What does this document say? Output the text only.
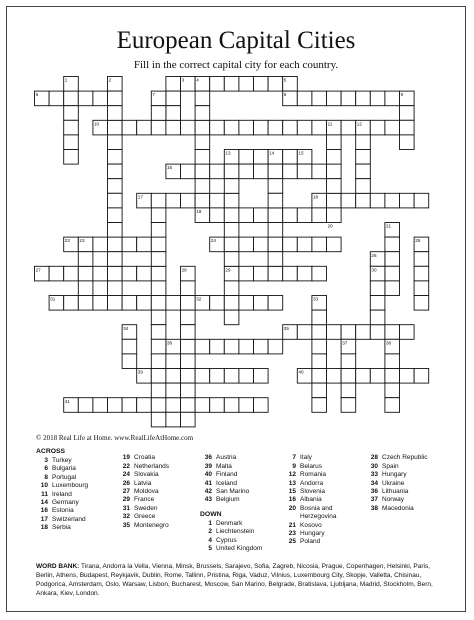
European Capital Cities
Fill in the correct capital city for each country.
1	2	3	4	5
6	7	8	9
10	11	12
13	14	15
16
17	18
19
20	21
22 23	24	25
26
27	28	29	30
31	32	33
34	35
36	37	38
39	40
41
© 2018 Real Life at Home. www.RealLifeAtHome.com
ACROSS
3 Turkey
6 Bulgaria
8 Portugal
10 Luxembourg
11 Ireland
14 Germany
16 Estonia
17 Switzerland
18 Serbia
19 Croatia
22 Netherlands
24 Slovakia
26 Latvia
27 Moldova
29 France
31 Sweden
32 Greece
35 Montenegro
36 Austria
39 Malta
40 Finland
41 Iceland
42 San Marino
43 Belgium
DOWN
1 Denmark
2 Liechtenstein
4 Cyprus
5 United Kingdom
7 Italy
9 Belarus
12 Romania
13 Andorra
15 Slovenia
16 Albania
20 Bosnia and
Herzegovina
21 Kosovo
23 Hungary
25 Poland
28 Czech Republic
30 Spain
33 Hungary
34 Ukraine
36 Lithuania
37 Norway
38 Macedonia
WORD BANK: Tirana, Andorra la Vella, Vienna, Minsk, Brussels, Sarajevo, Sofia, Zagreb, Nicosia, Prague, Copenhagen, Helsinki, Paris, Berlin, Athens, Budapest, Reykjavik, Dublin, Rome, Tallinn, Pristina, Riga, Vaduz, Vilnius, Luxembourg City, Skopje, Valletta, Chisinau, Podgorica, Amsterdam, Oslo, Warsaw, Lisbon, Bucharest, Moscow, San Marino, Belgrade, Bratislava, Ljubljana, Madrid, Stockholm, Bern, Ankara, Kiev, London.
